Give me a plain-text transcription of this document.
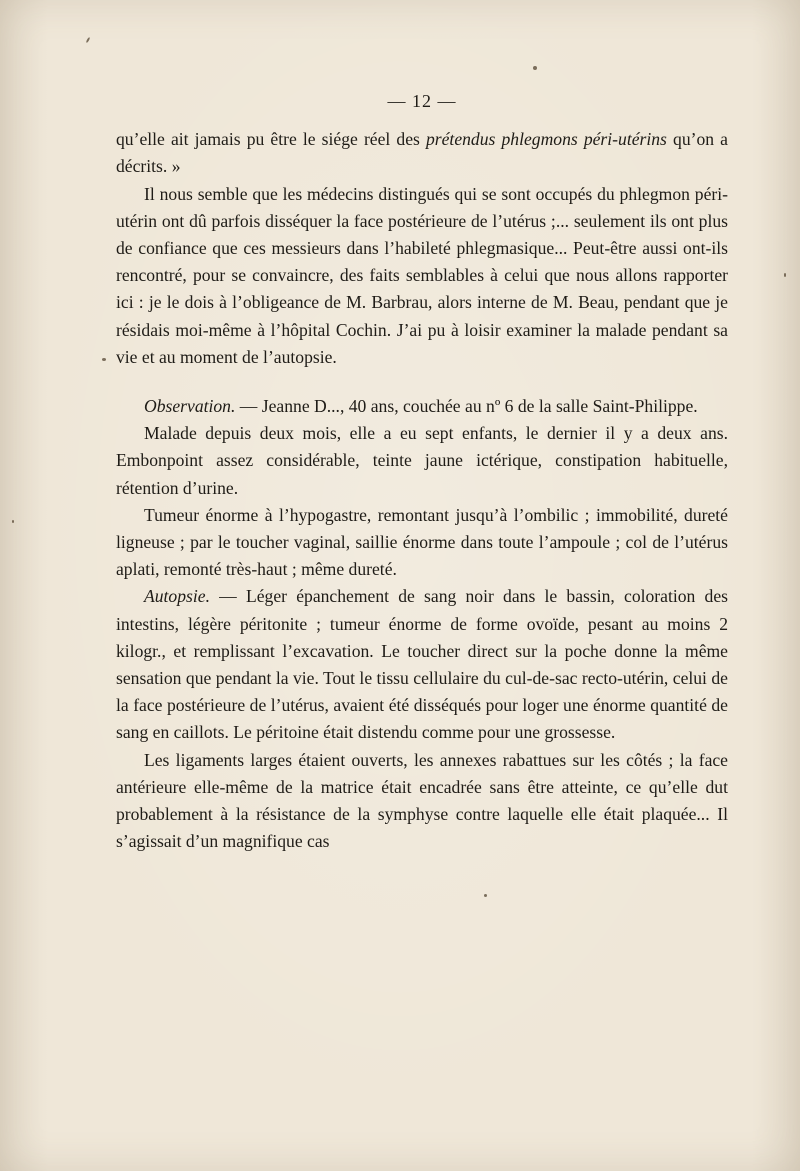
— 12 —

qu’elle ait jamais pu être le siége réel des prétendus phlegmons péri-utérins qu’on a décrits. »

Il nous semble que les médecins distingués qui se sont occupés du phlegmon péri-utérin ont dû parfois disséquer la face postérieure de l’utérus ;... seulement ils ont plus de confiance que ces messieurs dans l’habileté phlegmasique... Peut-être aussi ont-ils rencontré, pour se convaincre, des faits semblables à celui que nous allons rapporter ici : je le dois à l’obligeance de M. Barbrau, alors interne de M. Beau, pendant que je résidais moi-même à l’hôpital Cochin. J’ai pu à loisir examiner la malade pendant sa vie et au moment de l’autopsie.

Observation. — Jeanne D..., 40 ans, couchée au nº 6 de la salle Saint-Philippe.

Malade depuis deux mois, elle a eu sept enfants, le dernier il y a deux ans. Embonpoint assez considérable, teinte jaune ictérique, constipation habituelle, rétention d’urine.

Tumeur énorme à l’hypogastre, remontant jusqu’à l’ombilic ; immobilité, dureté ligneuse ; par le toucher vaginal, saillie énorme dans toute l’ampoule ; col de l’utérus aplati, remonté très-haut ; même dureté.

Autopsie. — Léger épanchement de sang noir dans le bassin, coloration des intestins, légère péritonite ; tumeur énorme de forme ovoïde, pesant au moins 2 kilogr., et remplissant l’excavation. Le toucher direct sur la poche donne la même sensation que pendant la vie. Tout le tissu cellulaire du cul-de-sac recto-utérin, celui de la face postérieure de l’utérus, avaient été disséqués pour loger une énorme quantité de sang en caillots. Le péritoine était distendu comme pour une grossesse.

Les ligaments larges étaient ouverts, les annexes rabattues sur les côtés ; la face antérieure elle-même de la matrice était encadrée sans être atteinte, ce qu’elle dut probablement à la résistance de la symphyse contre laquelle elle était plaquée... Il s’agissait d’un magnifique cas
